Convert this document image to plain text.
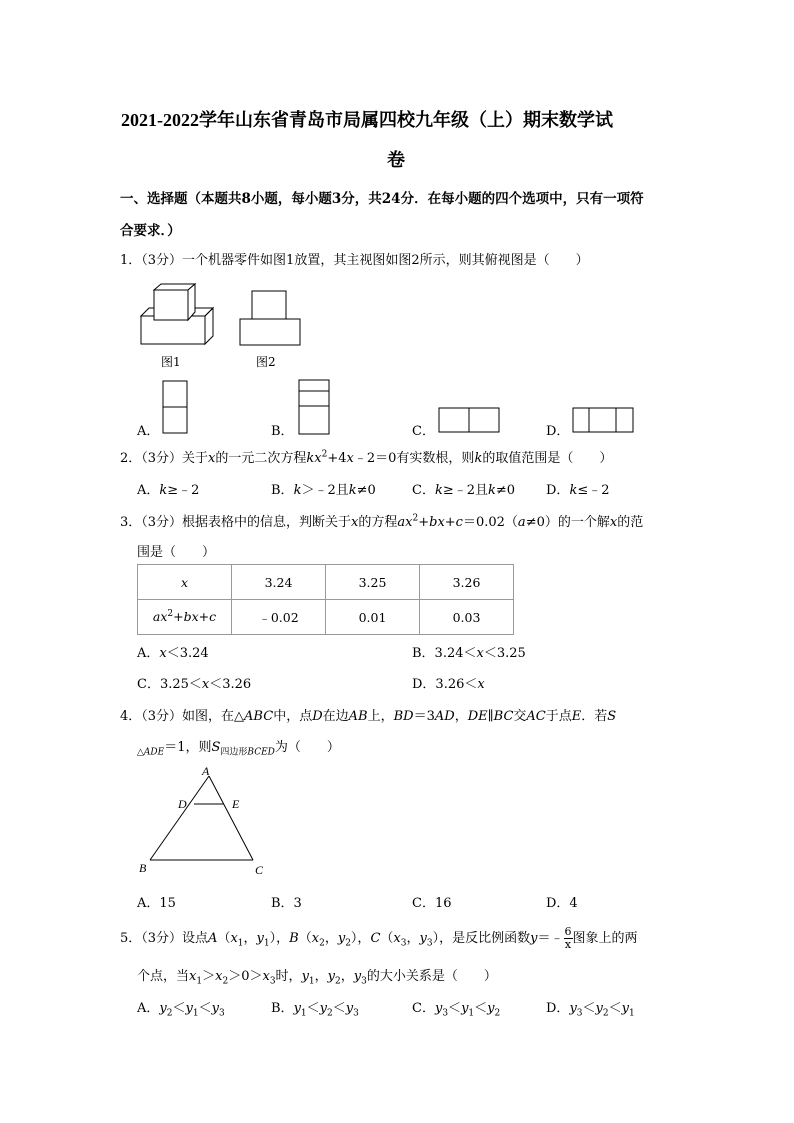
2021-2022学年山东省青岛市局属四校九年级（上）期末数学试
卷
一、选择题（本题共8小题，每小题3分，共24分．在每小题的四个选项中，只有一项符
合要求．）
1．（3分）一个机器零件如图1放置，其主视图如图2所示，则其俯视图是（　　）
图1	图2
A．	B．	C．	D．
2．（3分）关于x的一元二次方程$kx^2+4x﹣2=0$有实数根，则k的取值范围是（　　）
A．k≥﹣2	B．k＞﹣2且k≠0	C．k≥﹣2且k≠0 D．k≤﹣2
3．（3分）根据表格中的信息，判断关于x的方程$ax^2+bx+c=0.02(a\ne 0)$的一个解x的范
围是（　　）
x	3.24	3.25	3.26
$ax^2+bx+c$	﹣0.02	0.01	0.03
A．x＜3.24	B．3.24＜x＜3.25
C．3.25＜x＜3.26	D．3.26＜x
4．（3分）如图，在△ABC中，点D在边AB上，BD＝3AD，DE∥BC交AC于点E．若S
$_{\triangle ADE}$＝1，则$S_{四边形BCED}$为（　　）
A
D	E
B	C
A．15	B．3	C．16	D．4
5．（3分）设点$A(x_1$，$y_1$），$B(x_2$，$y_2$），$C(x_3$，$y_3$），是反比例函数y＝﹣ $\frac{6}{x}$ 图象上的两
个点，当$x_1>x_2>0>x_3$时，$y_1$，$y_2$，$y_3$的大小关系是（　　）
A．$y_2<y_1<y_3$	B．$y_1<y_2<y_3$	C．$y_3<y_1<y_2$	D．$y_3<y_2<y_1$
